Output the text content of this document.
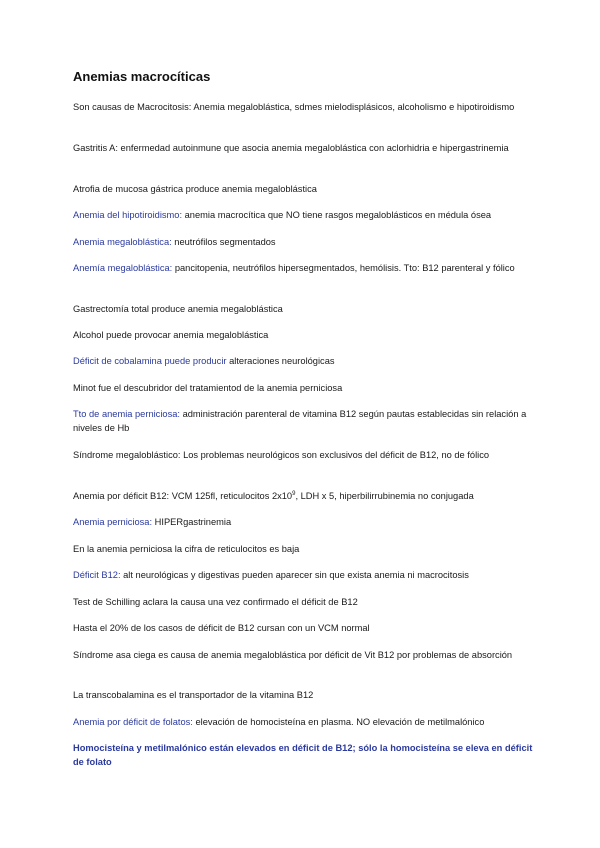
Anemias macrocíticas
Son causas de Macrocitosis: Anemia megaloblástica, sdmes mielodisplásicos, alcoholismo e hipotiroidismo
Gastritis A: enfermedad autoinmune que asocia anemia megaloblástica con aclorhidria e hipergastrinemia
Atrofia de mucosa gástrica produce anemia megaloblástica
Anemia del hipotiroidismo: anemia macrocítica que NO tiene rasgos megaloblásticos en médula ósea
Anemia megaloblástica: neutrófilos segmentados
Anemía megaloblástica: pancitopenia, neutrófilos hipersegmentados, hemólisis. Tto: B12 parenteral y fólico
Gastrectomía total produce anemia megaloblástica
Alcohol puede provocar anemia megaloblástica
Déficit de cobalamina puede producir alteraciones neurológicas
Minot fue el descubridor del tratamientod de la anemia perniciosa
Tto de anemia perniciosa: administración parenteral de vitamina B12 según pautas establecidas sin relación a niveles de Hb
Síndrome megaloblástico: Los problemas neurológicos son exclusivos del déficit de B12, no de fólico
Anemia por déficit B12: VCM 125fl, reticulocitos $2x10^9$, LDH x 5, hiperbilirrubinemia no conjugada
Anemia perniciosa: HIPERgastrinemia
En la anemia perniciosa la cifra de reticulocitos es baja
Déficit B12: alt neurológicas y digestivas pueden aparecer sin que exista anemia ni macrocitosis
Test de Schilling aclara la causa una vez confirmado el déficit de B12
Hasta el 20% de los casos de déficit de B12 cursan con un VCM normal
Síndrome asa ciega es causa de anemia megaloblástica por déficit de Vit B12 por problemas de absorción
La transcobalamina es el transportador de la vitamina B12
Anemia por déficit de folatos: elevación de homocisteína en plasma. NO elevación de metilmalónico
Homocisteína y metilmalónico están elevados en déficit de B12; sólo la homocisteína se eleva en déficit de folato
